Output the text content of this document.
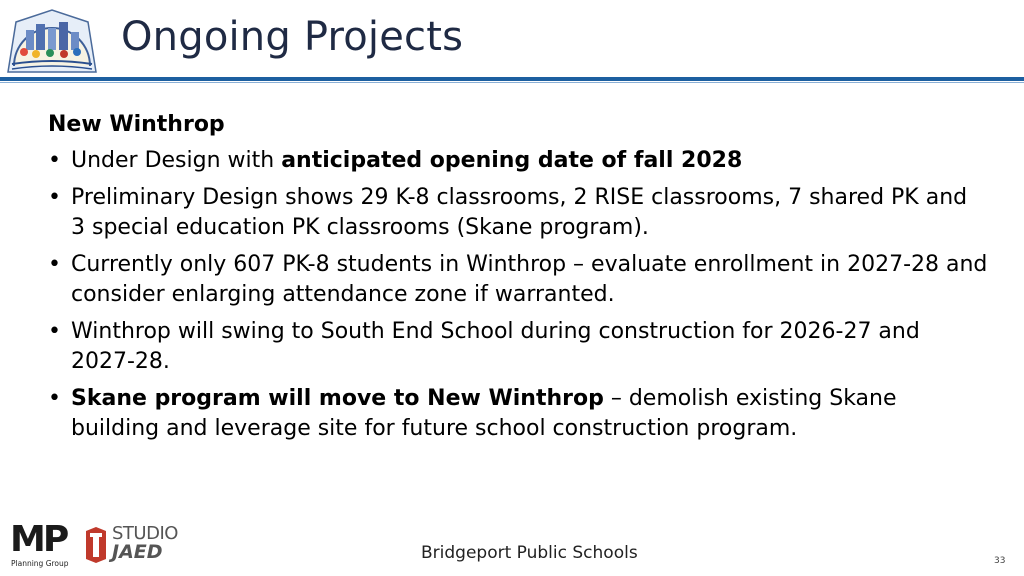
Ongoing Projects
New Winthrop
• Under Design with anticipated opening date of fall 2028
• Preliminary Design shows 29 K-8 classrooms, 2 RISE classrooms, 7 shared PK and 3 special education PK classrooms (Skane program).
• Currently only 607 PK-8 students in Winthrop – evaluate enrollment in 2027-28 and consider enlarging attendance zone if warranted.
• Winthrop will swing to South End School during construction for 2026-27 and 2027-28.
• Skane program will move to New Winthrop – demolish existing Skane building and leverage site for future school construction program.
MP
Planning Group
STUDIO
JAED	Bridgeport Public Schools	33
